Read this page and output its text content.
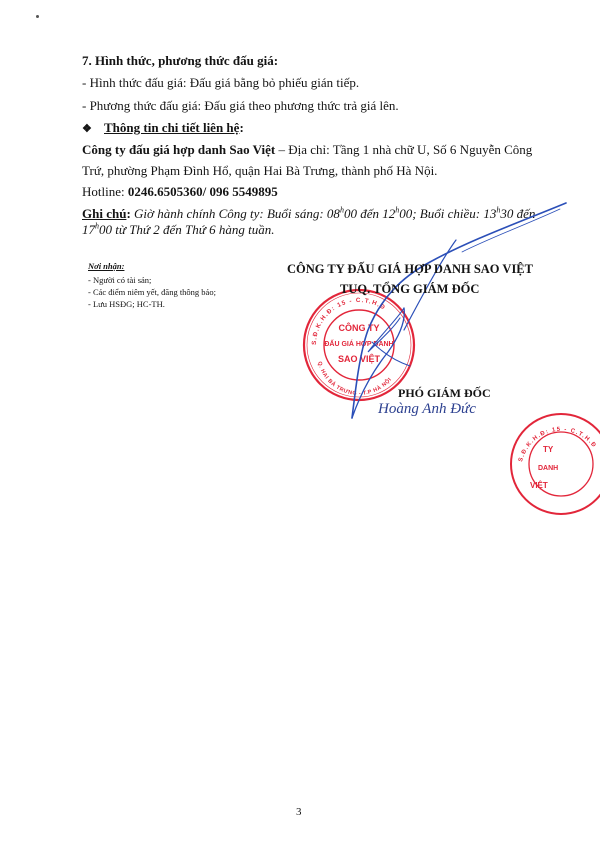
7. Hình thức, phương thức đấu giá:
- Hình thức đấu giá: Đấu giá bằng bỏ phiếu gián tiếp.
- Phương thức đấu giá: Đấu giá theo phương thức trả giá lên.
❖ Thông tin chi tiết liên hệ:
Công ty đấu giá hợp danh Sao Việt – Địa chỉ: Tầng 1 nhà chữ U, Số 6 Nguyễn Công
Trứ, phường Phạm Đình Hổ, quận Hai Bà Trưng, thành phố Hà Nội.
Hotline: 0246.6505360/ 096 5549895
Ghi chú: Giờ hành chính Công ty: Buổi sáng: 08$^h$00 đến 12$^h$00; Buổi chiều: 13$^h$30 đến
17$^h$00 từ Thứ 2 đến Thứ 6 hàng tuần.
Nơi nhận:
- Người có tài sản;
- Các điểm niêm yết, đăng thông báo;
- Lưu HSĐG; HC-TH.
S.Đ.K.H.Đ: 15 - C.T.H.Đ
Q. HAI BÀ TRƯNG - T.P HÀ NỘI
CÔNG TY
ĐẤU GIÁ HỢP DANH
SAO VIỆT
S.Đ.K.H.Đ: 15 - C.T.H.Đ
TY
DANH
VIỆT
CÔNG TY ĐẤU GIÁ HỢP DANH SAO VIỆT
TUQ. TỔNG GIÁM ĐỐC
PHÓ GIÁM ĐỐC
Hoàng Anh Đức
3
